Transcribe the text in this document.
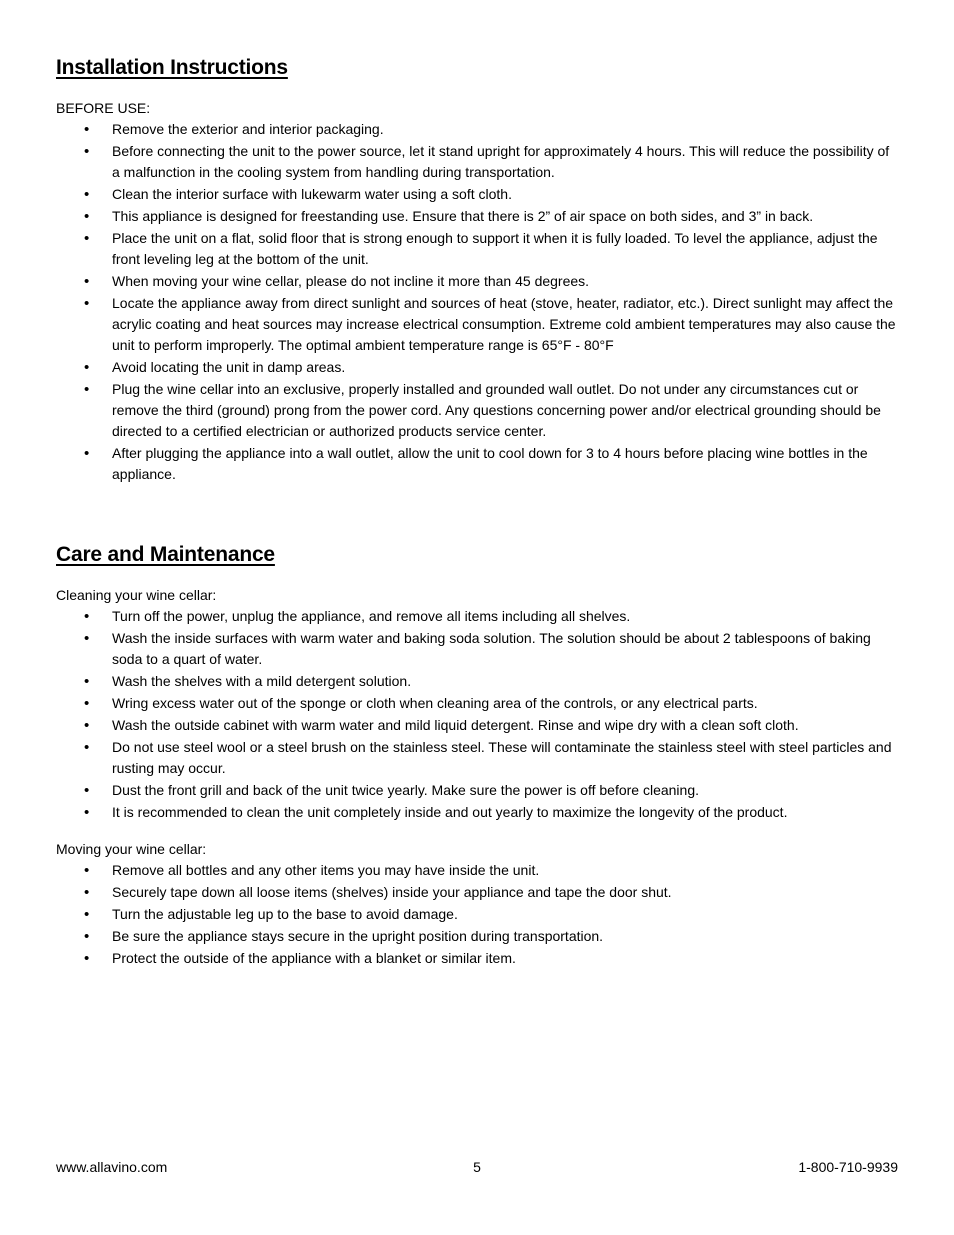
Installation Instructions

BEFORE USE:

• Remove the exterior and interior packaging.
• Before connecting the unit to the power source, let it stand upright for approximately 4 hours. This will reduce the possibility of a malfunction in the cooling system from handling during transportation.
• Clean the interior surface with lukewarm water using a soft cloth.
• This appliance is designed for freestanding use. Ensure that there is 2” of air space on both sides, and 3” in back.
• Place the unit on a flat, solid floor that is strong enough to support it when it is fully loaded. To level the appliance, adjust the front leveling leg at the bottom of the unit.
• When moving your wine cellar, please do not incline it more than 45 degrees.
• Locate the appliance away from direct sunlight and sources of heat (stove, heater, radiator, etc.). Direct sunlight may affect the acrylic coating and heat sources may increase electrical consumption. Extreme cold ambient temperatures may also cause the unit to perform improperly. The optimal ambient temperature range is 65°F - 80°F
• Avoid locating the unit in damp areas.
• Plug the wine cellar into an exclusive, properly installed and grounded wall outlet. Do not under any circumstances cut or remove the third (ground) prong from the power cord. Any questions concerning power and/or electrical grounding should be directed to a certified electrician or authorized products service center.
• After plugging the appliance into a wall outlet, allow the unit to cool down for 3 to 4 hours before placing wine bottles in the appliance.
Care and Maintenance

Cleaning your wine cellar:

• Turn off the power, unplug the appliance, and remove all items including all shelves.
• Wash the inside surfaces with warm water and baking soda solution. The solution should be about 2 tablespoons of baking soda to a quart of water.
• Wash the shelves with a mild detergent solution.
• Wring excess water out of the sponge or cloth when cleaning area of the controls, or any electrical parts.
• Wash the outside cabinet with warm water and mild liquid detergent. Rinse and wipe dry with a clean soft cloth.
• Do not use steel wool or a steel brush on the stainless steel. These will contaminate the stainless steel with steel particles and rusting may occur.
• Dust the front grill and back of the unit twice yearly. Make sure the power is off before cleaning.
• It is recommended to clean the unit completely inside and out yearly to maximize the longevity of the product.

Moving your wine cellar:

• Remove all bottles and any other items you may have inside the unit.
• Securely tape down all loose items (shelves) inside your appliance and tape the door shut.
• Turn the adjustable leg up to the base to avoid damage.
• Be sure the appliance stays secure in the upright position during transportation.
• Protect the outside of the appliance with a blanket or similar item.
www.allavino.com	5	1-800-710-9939
